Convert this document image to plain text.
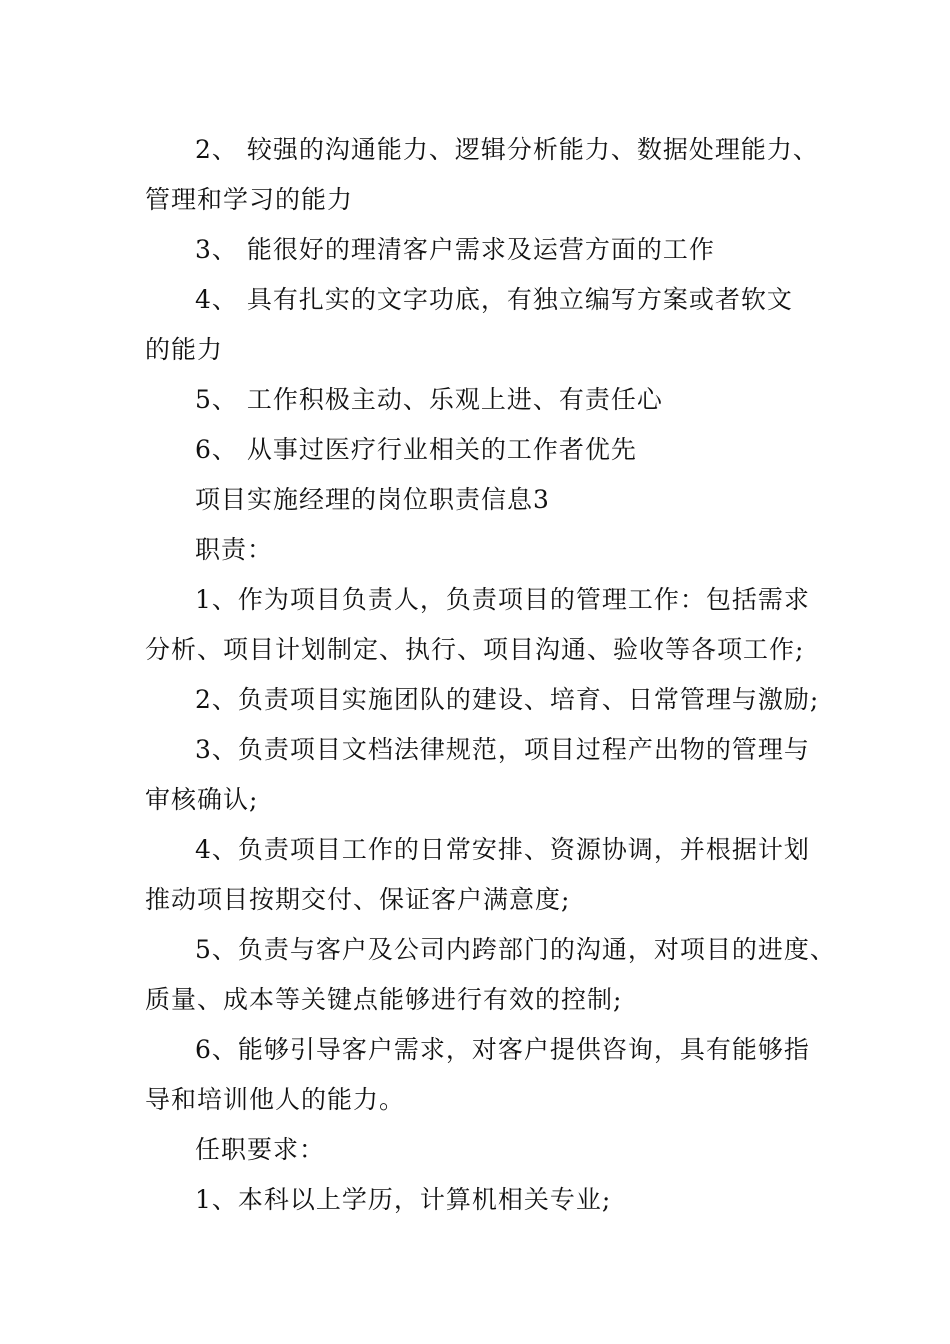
2、 较强的沟通能力、逻辑分析能力、数据处理能力、
管理和学习的能力
3、 能很好的理清客户需求及运营方面的工作
4、 具有扎实的文字功底，有独立编写方案或者软文
的能力
5、 工作积极主动、乐观上进、有责任心
6、 从事过医疗行业相关的工作者优先
项目实施经理的岗位职责信息3
职责：
1、作为项目负责人，负责项目的管理工作：包括需求
分析、项目计划制定、执行、项目沟通、验收等各项工作;
2、负责项目实施团队的建设、培育、日常管理与激励;
3、负责项目文档法律规范，项目过程产出物的管理与
审核确认;
4、负责项目工作的日常安排、资源协调，并根据计划
推动项目按期交付、保证客户满意度;
5、负责与客户及公司内跨部门的沟通，对项目的进度、
质量、成本等关键点能够进行有效的控制;
6、能够引导客户需求，对客户提供咨询，具有能够指
导和培训他人的能力。
任职要求：
1、本科以上学历，计算机相关专业;
